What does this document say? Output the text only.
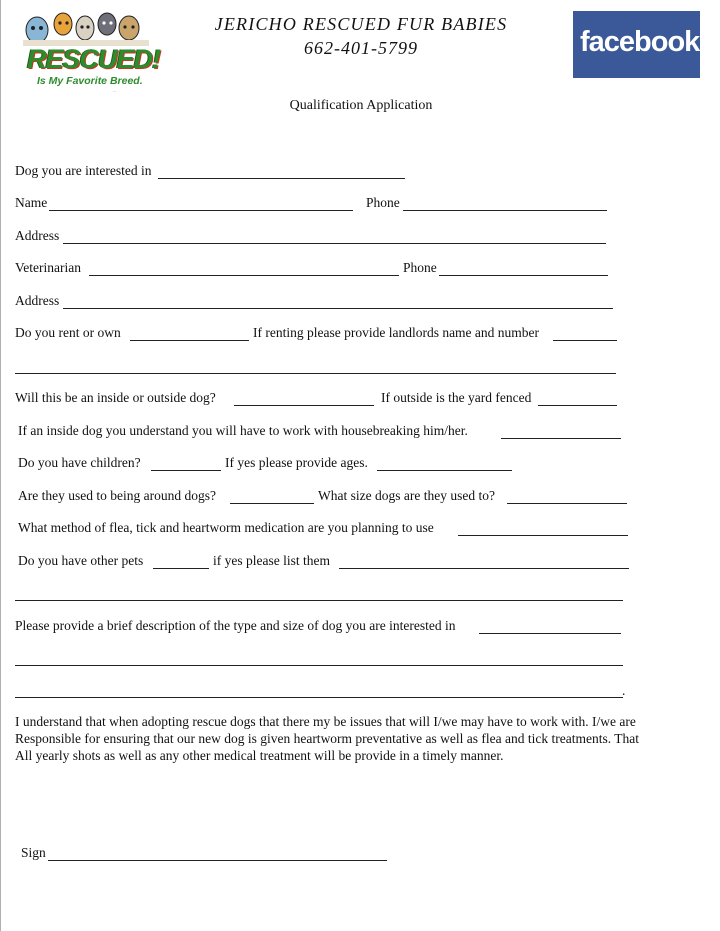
RESCUED!
Is My Favorite Breed.
...
JERICHO RESCUED FUR BABIES
662-401-5799	facebook
Qualification Application
Dog you are interested in
Name	Phone
Address
Veterinarian	Phone
Address
Do you rent or own	If renting please provide landlords name and number
Will this be an inside or outside dog?	If outside is the yard fenced
If an inside dog you understand you will have to work with housebreaking him/her.
Do you have children?	If yes please provide ages.
Are they used to being around dogs?	What size dogs are they used to?
What method of flea, tick and heartworm medication are you planning to use
Do you have other pets	if yes please list them
Please provide a brief description of the type and size of dog you are interested in
.
I understand that when adopting rescue dogs that there my be issues that will I/we may have to work with. I/we are
Responsible for ensuring that our new dog is given heartworm preventative as well as flea and tick treatments. That
All yearly shots as well as any other medical treatment will be provide in a timely manner.
Sign
